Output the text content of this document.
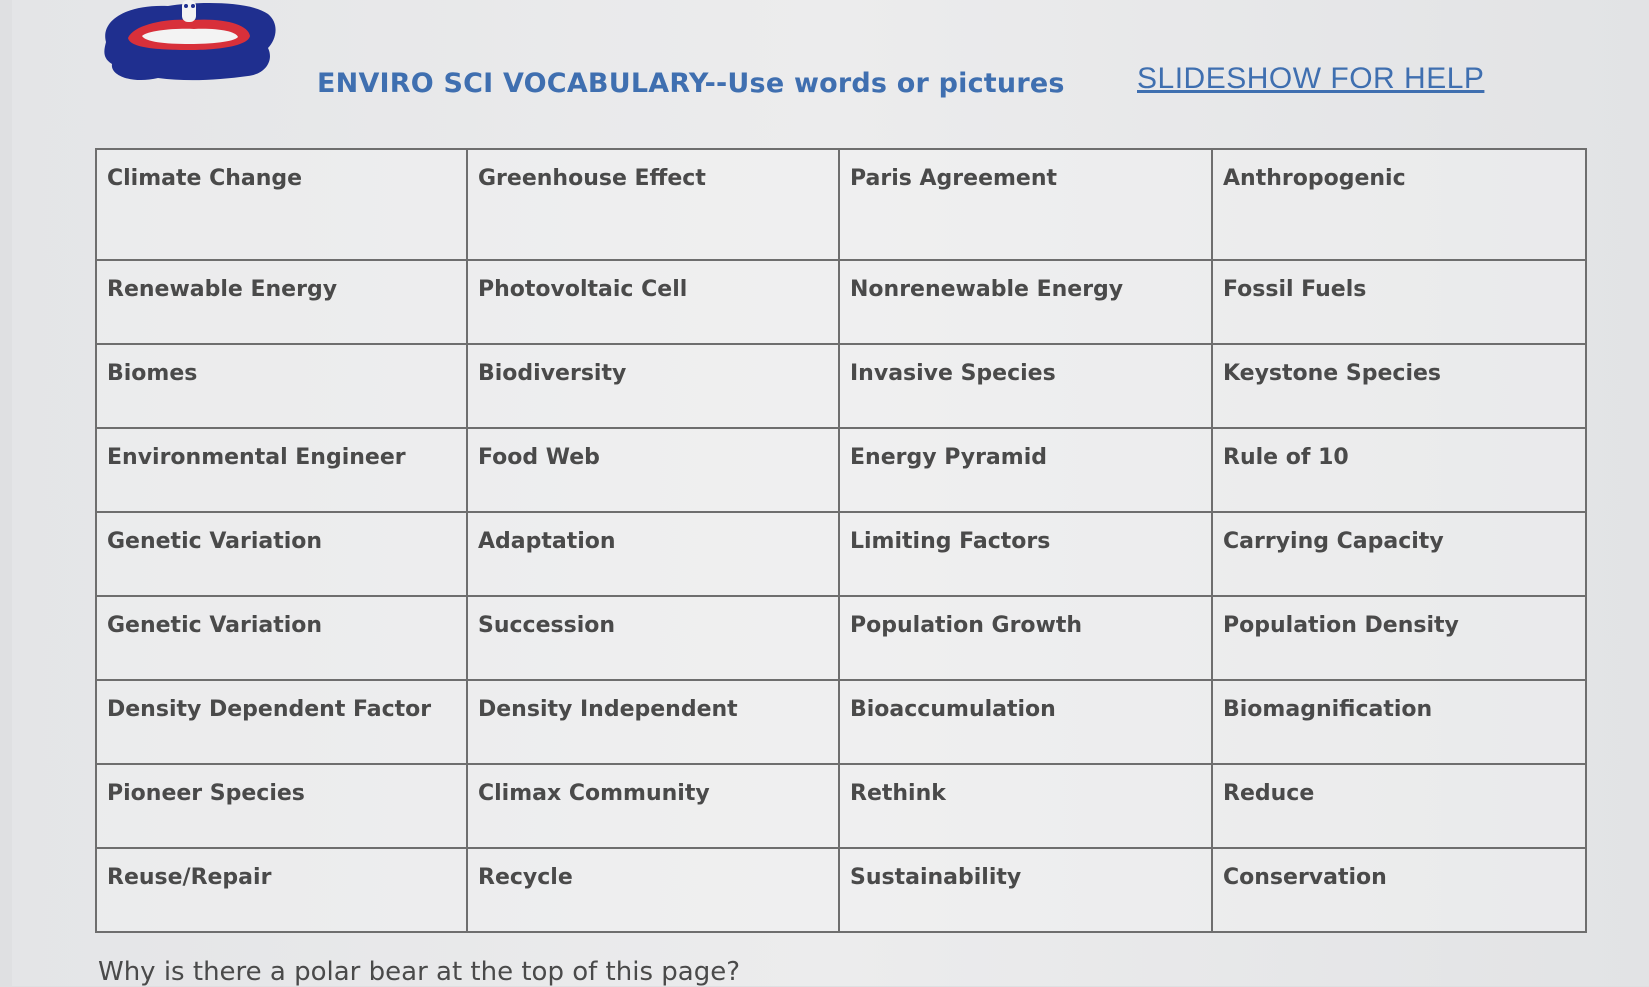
ENVIRO SCI VOCABULARY--Use words or pictures SLIDESHOW FOR HELP
Climate Change	Greenhouse Effect	Paris Agreement	Anthropogenic
Renewable Energy	Photovoltaic Cell	Nonrenewable Energy	Fossil Fuels
Biomes	Biodiversity	Invasive Species	Keystone Species
Environmental Engineer	Food Web	Energy Pyramid	Rule of 10
Genetic Variation	Adaptation	Limiting Factors	Carrying Capacity
Genetic Variation	Succession	Population Growth	Population Density
Density Dependent Factor	Density Independent	Bioaccumulation	Biomagnification
Pioneer Species	Climax Community	Rethink	Reduce
Reuse/Repair	Recycle	Sustainability	Conservation
Why is there a polar bear at the top of this page?
